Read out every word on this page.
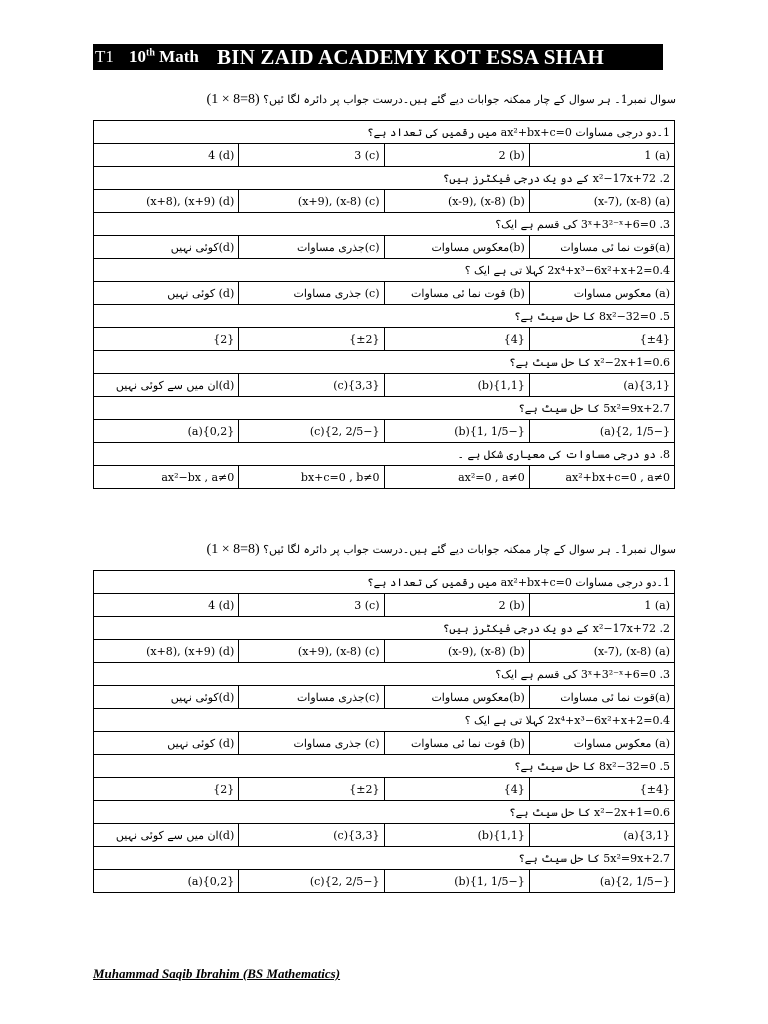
T1 10th Math BIN ZAID ACADEMY KOT ESSA SHAH
سوال نمبر1۔ ہر سوال کے چار ممکنہ جوابات دیے گئے ہیں۔درست جواب پر دائرہ لگا ئیں؟ (1 × 8=8)
1۔دو درجی مساوات ax²+bx+c=0 میں رقمیں کی تعداد ہے؟			
(d) 4	(c) 3	(b) 2	(a) 1
2. x²−17x+72 کے دو یک درجی فیکٹرز ہیں؟			
(d) (x+9) ,(x+8)	(c) (x-8) ,(x+9)	(b) (x-8) ,(x-9)	(a) (x-8) ,(x-7)
3. 3ˣ+3²⁻ˣ+6=0 کی قسم ہے ایک؟			
(d)کوئی نہیں	(c)جذری مساوات	(b)معکوس مساوات	(a)قوت نما ئی مساوات
2x⁴+x³−6x²+x+2=0.4 کہلا تی ہے ایک ؟			
(d) کوئی نہیں	(c) جذری مساوات	(b) قوت نما ئی مساوات	(a) معکوس مساوات
5. 8x²−32=0 کا حل سیٹ ہے؟			
{2}	{±2}	{4}	{±4}
x²−2x+1=0.6 کا حل سیٹ ہے؟			
(d)ان میں سے کوئی نہیں	{3,3}(c)	{1,1}(b)	{3,1}(a)
5x²=9x+2.7 کا حل سیٹ ہے؟			
{0,2}(a)	{−2/5 ,2}(c)	{−1/5 ,1}(b)	{−1/5 ,2}(a)
8. دو درجی مساوات کی معیاری شکل ہے ۔			
ax²−bx , a≠0	bx+c=0 , b≠0	ax²=0 , a≠0	ax²+bx+c=0 , a≠0
سوال نمبر1۔ ہر سوال کے چار ممکنہ جوابات دیے گئے ہیں۔درست جواب پر دائرہ لگا ئیں؟ (1 × 8=8)
1۔دو درجی مساوات ax²+bx+c=0 میں رقمیں کی تعداد ہے؟			
(d) 4	(c) 3	(b) 2	(a) 1
2. x²−17x+72 کے دو یک درجی فیکٹرز ہیں؟			
(d) (x+9) ,(x+8)	(c) (x-8) ,(x+9)	(b) (x-8) ,(x-9)	(a) (x-8) ,(x-7)
3. 3ˣ+3²⁻ˣ+6=0 کی قسم ہے ایک؟			
(d)کوئی نہیں	(c)جذری مساوات	(b)معکوس مساوات	(a)قوت نما ئی مساوات
2x⁴+x³−6x²+x+2=0.4 کہلا تی ہے ایک ؟			
(d) کوئی نہیں	(c) جذری مساوات	(b) قوت نما ئی مساوات	(a) معکوس مساوات
5. 8x²−32=0 کا حل سیٹ ہے؟			
{2}	{±2}	{4}	{±4}
x²−2x+1=0.6 کا حل سیٹ ہے؟			
(d)ان میں سے کوئی نہیں	{3,3}(c)	{1,1}(b)	{3,1}(a)
5x²=9x+2.7 کا حل سیٹ ہے؟			
{0,2}(a)	{−2/5 ,2}(c)	{−1/5 ,1}(b)	{−1/5 ,2}(a)
Muhammad Saqib Ibrahim (BS Mathematics)
